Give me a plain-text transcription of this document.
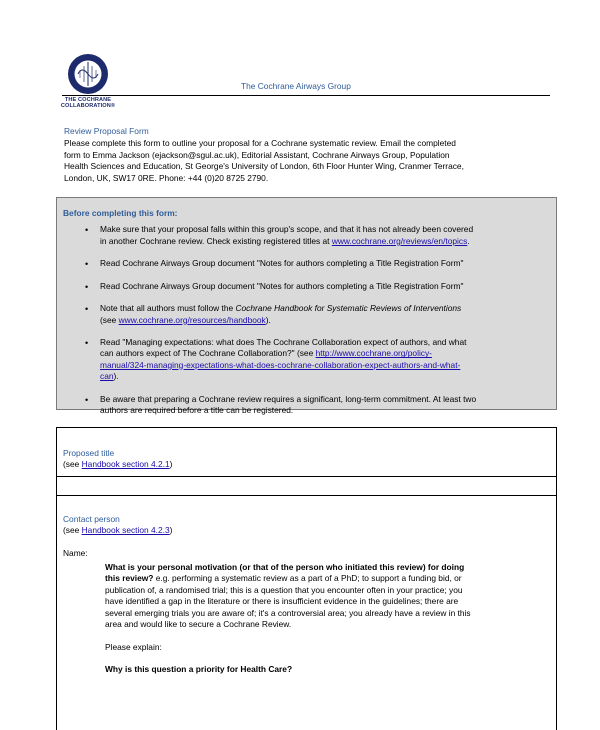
THE COCHRANE
COLLABORATION®
The Cochrane Airways Group
Review Proposal Form
Please complete this form to outline your proposal for a Cochrane systematic review. Email the completed
form to Emma Jackson (ejackson@sgul.ac.uk), Editorial Assistant, Cochrane Airways Group, Population
Health Sciences and Education, St George's University of London, 6th Floor Hunter Wing, Cranmer Terrace,
London, UK, SW17 0RE. Phone: +44 (0)20 8725 2790.
Before completing this form:
• Make sure that your proposal falls within this group's scope, and that it has not already been covered
in another Cochrane review. Check existing registered titles at www.cochrane.org/reviews/en/topics.
• Read Cochrane Airways Group document "Notes for authors completing a Title Registration Form"
• Read Cochrane Airways Group document "Notes for authors completing a Title Registration Form"
• Note that all authors must follow the Cochrane Handbook for Systematic Reviews of Interventions
(see www.cochrane.org/resources/handbook).
• Read "Managing expectations: what does The Cochrane Collaboration expect of authors, and what
can authors expect of The Cochrane Collaboration?" (see http://www.cochrane.org/policy-
manual/324-managing-expectations-what-does-cochrane-collaboration-expect-authors-and-what-
can).
• Be aware that preparing a Cochrane review requires a significant, long-term commitment. At least two
authors are required before a title can be registered.
Proposed title
(see Handbook section 4.2.1)
Contact person
(see Handbook section 4.2.3)
Name:

What is your personal motivation (or that of the person who initiated this review) for doing
this review? e.g. performing a systematic review as a part of a PhD; to support a funding bid, or
publication of, a randomised trial; this is a question that you encounter often in your practice; you
have identified a gap in the literature or there is insufficient evidence in the guidelines; there are
several emerging trials you are aware of; it's a controversial area; you already have a review in this
area and would like to secure a Cochrane Review.

Please explain:

Why is this question a priority for Health Care?
